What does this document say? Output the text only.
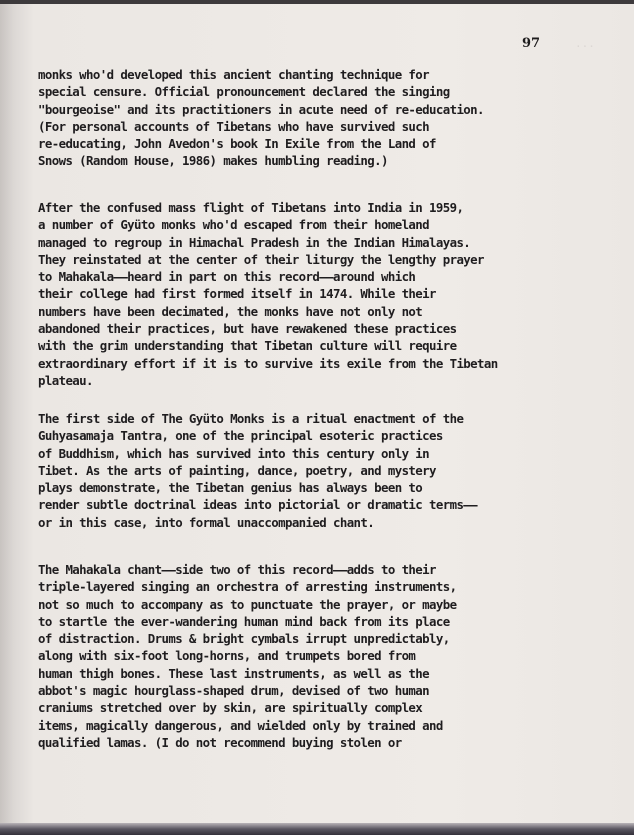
···
97
monks who'd developed this ancient chanting technique for
special censure. Official pronouncement declared the singing
"bourgeoise" and its practitioners in acute need of re-education.
(For personal accounts of Tibetans who have survived such
re-educating, John Avedon's book In Exile from the Land of
Snows (Random House, 1986) makes humbling reading.)
After the confused mass flight of Tibetans into India in 1959,
a number of Gyüto monks who'd escaped from their homeland
managed to regroup in Himachal Pradesh in the Indian Himalayas.
They reinstated at the center of their liturgy the lengthy prayer
to Mahakala——heard in part on this record——around which
their college had first formed itself in 1474. While their
numbers have been decimated, the monks have not only not
abandoned their practices, but have rewakened these practices
with the grim understanding that Tibetan culture will require
extraordinary effort if it is to survive its exile from the Tibetan
plateau.
The first side of The Gyüto Monks is a ritual enactment of the
Guhyasamaja Tantra, one of the principal esoteric practices
of Buddhism, which has survived into this century only in
Tibet. As the arts of painting, dance, poetry, and mystery
plays demonstrate, the Tibetan genius has always been to
render subtle doctrinal ideas into pictorial or dramatic terms——
or in this case, into formal unaccompanied chant.
The Mahakala chant——side two of this record——adds to their
triple-layered singing an orchestra of arresting instruments,
not so much to accompany as to punctuate the prayer, or maybe
to startle the ever-wandering human mind back from its place
of distraction. Drums & bright cymbals irrupt unpredictably,
along with six-foot long-horns, and trumpets bored from
human thigh bones. These last instruments, as well as the
abbot's magic hourglass-shaped drum, devised of two human
craniums stretched over by skin, are spiritually complex
items, magically dangerous, and wielded only by trained and
qualified lamas. (I do not recommend buying stolen or
